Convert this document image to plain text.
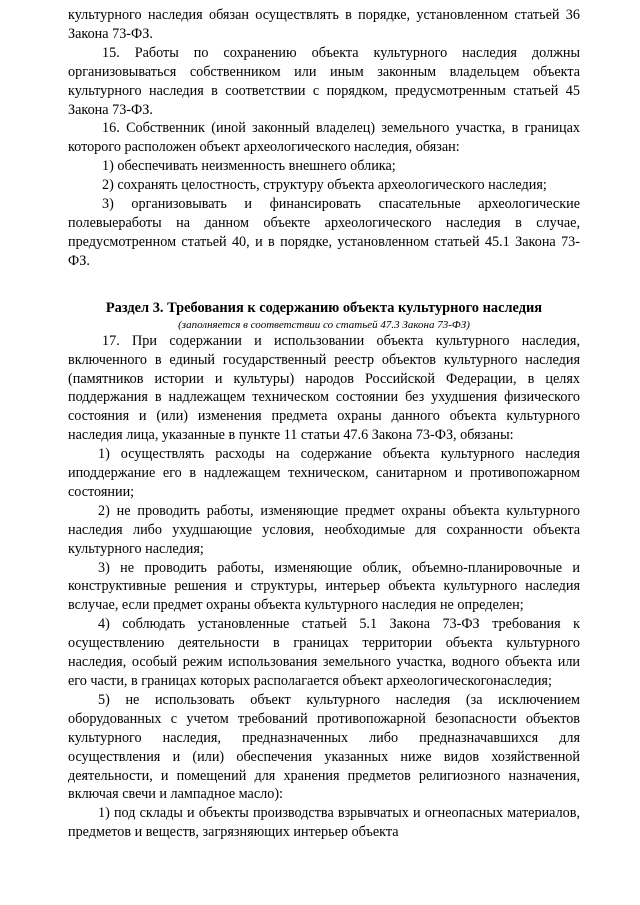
культурного наследия обязан осуществлять в порядке, установленном статьей 36 Закона 73-ФЗ.

15. Работы по сохранению объекта культурного наследия должны организовываться собственником или иным законным владельцем объекта культурного наследия в соответствии с порядком, предусмотренным статьей 45 Закона 73-ФЗ.

16. Собственник (иной законный владелец) земельного участка, в границах которого расположен объект археологического наследия, обязан:

1) обеспечивать неизменность внешнего облика;

2) сохранять целостность, структуру объекта археологического наследия;

3) организовывать и финансировать спасательные археологические полевыеработы на данном объекте археологического наследия в случае, предусмотренном статьей 40, и в порядке, установленном статьей 45.1 Закона 73-ФЗ.

Раздел 3. Требования к содержанию объекта культурного наследия

(заполняется в соответствии со статьей 47.3 Закона 73-ФЗ)

17. При содержании и использовании объекта культурного наследия, включенного в единый государственный реестр объектов культурного наследия (памятников истории и культуры) народов Российской Федерации, в целях поддержания в надлежащем техническом состоянии без ухудшения физического состояния и (или) изменения предмета охраны данного объекта культурного наследия лица, указанные в пункте 11 статьи 47.6 Закона 73-ФЗ, обязаны:

1) осуществлять расходы на содержание объекта культурного наследия иподдержание его в надлежащем техническом, санитарном и противопожарном состоянии;

2) не проводить работы, изменяющие предмет охраны объекта культурного наследия либо ухудшающие условия, необходимые для сохранности объекта культурного наследия;

3) не проводить работы, изменяющие облик, объемно-планировочные и конструктивные решения и структуры, интерьер объекта культурного наследия вслучае, если предмет охраны объекта культурного наследия не определен;

4) соблюдать установленные статьей 5.1 Закона 73-ФЗ требования к осуществлению деятельности в границах территории объекта культурного наследия, особый режим использования земельного участка, водного объекта или его части, в границах которых располагается объект археологическогонаследия;

5) не использовать объект культурного наследия (за исключением оборудованных с учетом требований противопожарной безопасности объектов культурного наследия, предназначенных либо предназначавшихся для осуществления и (или) обеспечения указанных ниже видов хозяйственной деятельности, и помещений для хранения предметов религиозного назначения, включая свечи и лампадное масло):

1) под склады и объекты производства взрывчатых и огнеопасных материалов, предметов и веществ, загрязняющих интерьер объекта
